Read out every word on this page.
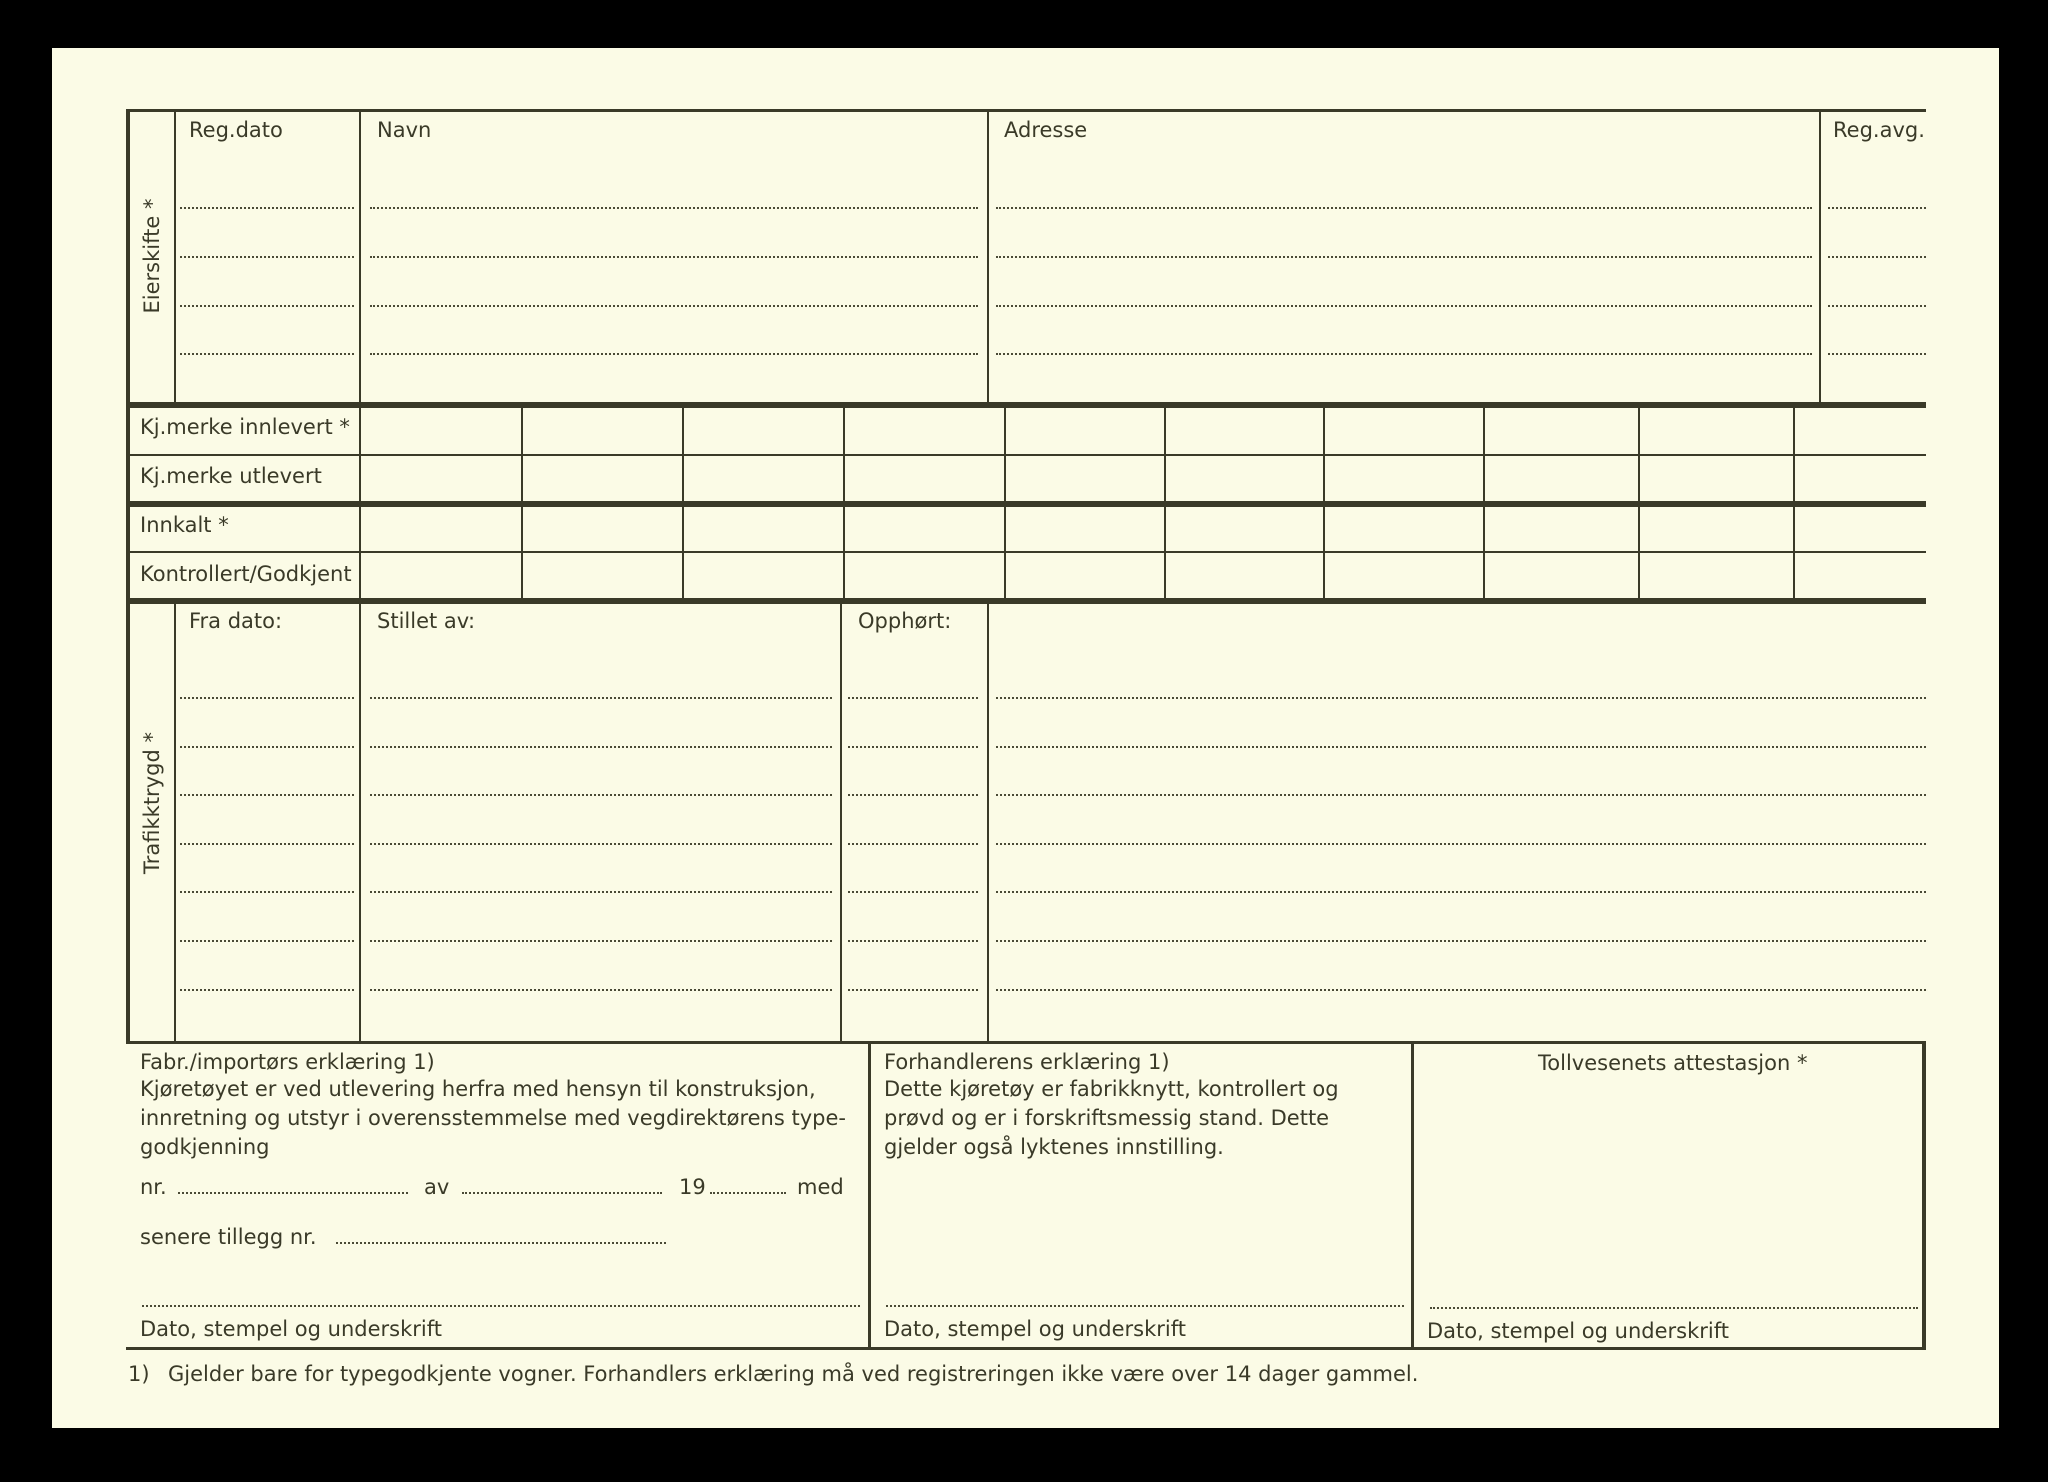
Eierskifte *
Reg.dato	Navn	Adresse	Reg.avg.
Kj.merke innlevert *
Kj.merke utlevert
Innkalt *
Kontrollert/Godkjent
Trafikktrygd *
Fra dato:	Stillet av:	Opphørt:
Fabr./importørs erklæring 1)
Kjøretøyet er ved utlevering herfra med hensyn til konstruksjon,
innretning og utstyr i overensstemmelse med vegdirektørens type-
godkjenning
nr.	av	19	med
senere tillegg nr.
Dato, stempel og underskrift
Forhandlerens erklæring 1)
Dette kjøretøy er fabrikknytt, kontrollert og
prøvd og er i forskriftsmessig stand. Dette
gjelder også lyktenes innstilling.
Dato, stempel og underskrift
Tollvesenets attestasjon *
Dato, stempel og underskrift
1) Gjelder bare for typegodkjente vogner. Forhandlers erklæring må ved registreringen ikke være over 14 dager gammel.
